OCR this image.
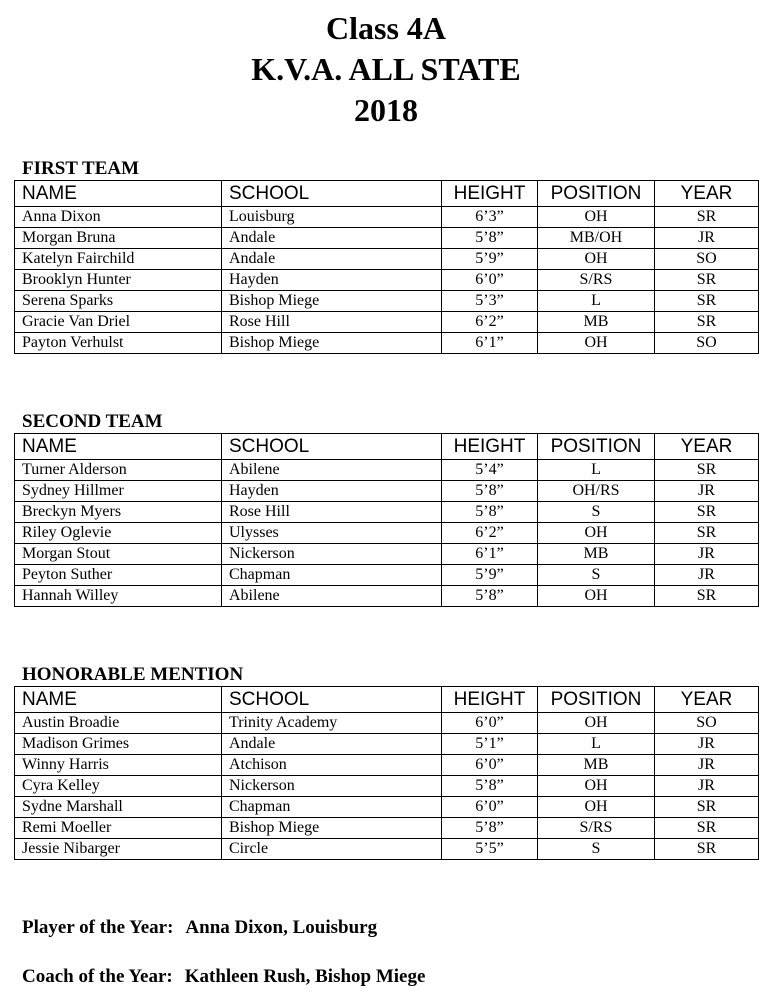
Class 4A
K.V.A. ALL STATE
2018
FIRST TEAM
NAME	SCHOOL	HEIGHT	POSITION	YEAR
Anna Dixon	Louisburg	6’3”	OH	SR
Morgan Bruna	Andale	5’8”	MB/OH	JR
Katelyn Fairchild	Andale	5’9”	OH	SO
Brooklyn Hunter	Hayden	6’0”	S/RS	SR
Serena Sparks	Bishop Miege	5’3”	L	SR
Gracie Van Driel	Rose Hill	6’2”	MB	SR
Payton Verhulst	Bishop Miege	6’1”	OH	SO
SECOND TEAM
NAME	SCHOOL	HEIGHT	POSITION	YEAR
Turner Alderson	Abilene	5’4”	L	SR
Sydney Hillmer	Hayden	5’8”	OH/RS	JR
Breckyn Myers	Rose Hill	5’8”	S	SR
Riley Oglevie	Ulysses	6’2”	OH	SR
Morgan Stout	Nickerson	6’1”	MB	JR
Peyton Suther	Chapman	5’9”	S	JR
Hannah Willey	Abilene	5’8”	OH	SR
HONORABLE MENTION
NAME	SCHOOL	HEIGHT	POSITION	YEAR
Austin Broadie	Trinity Academy	6’0”	OH	SO
Madison Grimes	Andale	5’1”	L	JR
Winny Harris	Atchison	6’0”	MB	JR
Cyra Kelley	Nickerson	5’8”	OH	JR
Sydne Marshall	Chapman	6’0”	OH	SR
Remi Moeller	Bishop Miege	5’8”	S/RS	SR
Jessie Nibarger	Circle	5’5”	S	SR

Player of the Year: Anna Dixon, Louisburg

Coach of the Year: Kathleen Rush, Bishop Miege
